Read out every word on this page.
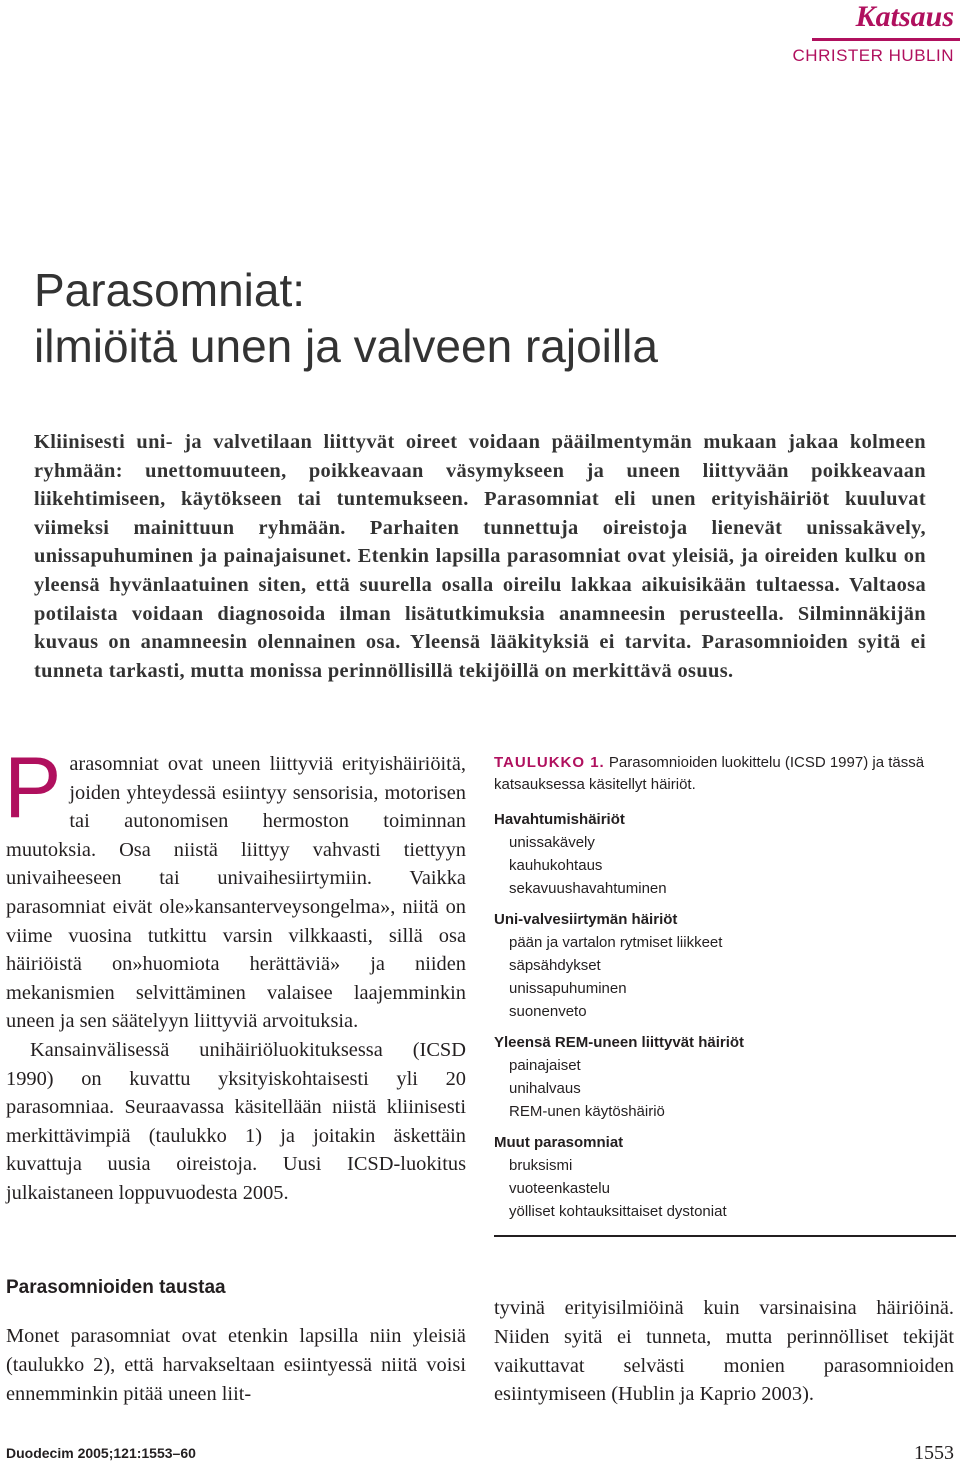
Katsaus
CHRISTER HUBLIN
Parasomniat:
ilmiöitä unen ja valveen rajoilla
Kliinisesti uni- ja valvetilaan liittyvät oireet voidaan pääilmentymän mukaan jakaa kolmeen ryhmään: unettomuuteen, poikkeavaan väsymykseen ja uneen liittyvään poikkeavaan liikehtimiseen, käytökseen tai tuntemukseen. Parasomniat eli unen erityishäiriöt kuuluvat viimeksi mainittuun ryhmään. Parhaiten tunnettuja oireistoja lienevät unissakävely, unissapuhuminen ja painajaisunet. Etenkin lapsilla parasomniat ovat yleisiä, ja oireiden kulku on yleensä hyvänlaatuinen siten, että suurella osalla oireilu lakkaa aikuisikään tultaessa. Valtaosa potilaista voidaan diagnosoida ilman lisätutkimuksia anamneesin perusteella. Silminnäkijän kuvaus on anamneesin olennainen osa. Yleensä lääkityksiä ei tarvita. Parasomnioiden syitä ei tunneta tarkasti, mutta monissa perinnöllisillä tekijöillä on merkittävä osuus.

Parasomniat ovat uneen liittyviä erityishäiriöitä, joiden yhteydessä esiintyy sensorisia, motorisen tai autonomisen hermoston toiminnan muutoksia. Osa niistä liittyy vahvasti tiettyyn univaiheeseen tai univaihesiirtymiin. Vaikka parasomniat eivät ole»kansanterveysongelma», niitä on viime vuosina tutkittu varsin vilkkaasti, sillä osa häiriöistä on»huomiota herättäviä» ja niiden mekanismien selvittäminen valaisee laajemminkin uneen ja sen säätelyyn liittyviä arvoituksia.

Kansainvälisessä unihäiriöluokituksessa (ICSD 1990) on kuvattu yksityiskohtaisesti yli 20 parasomniaa. Seuraavassa käsitellään niistä kliinisesti merkittävimpiä (taulukko 1) ja joitakin äskettäin kuvattuja uusia oireistoja. Uusi ICSD-luokitus julkaistaneen loppuvuodesta 2005.

TAULUKKO 1. Parasomnioiden luokittelu (ICSD 1997) ja tässä katsauksessa käsitellyt häiriöt.
Havahtumishäiriöt
unissakävely
kauhukohtaus
sekavuushavahtuminen
Uni-valvesiirtymän häiriöt
pään ja vartalon rytmiset liikkeet
säpsähdykset
unissapuhuminen
suonenveto
Yleensä REM-uneen liittyvät häiriöt
painajaiset
unihalvaus
REM-unen käytöshäiriö
Muut parasomniat
bruksismi
vuoteenkastelu
yölliset kohtauksittaiset dystoniat
Parasomnioiden taustaa
Monet parasomniat ovat etenkin lapsilla niin yleisiä (taulukko 2), että harvakseltaan esiintyessä niitä voisi ennemminkin pitää uneen liit-
tyvinä erityisilmiöinä kuin varsinaisina häiriöinä. Niiden syitä ei tunneta, mutta perinnölliset tekijät vaikuttavat selvästi monien parasomnioiden esiintymiseen (Hublin ja Kaprio 2003).
Duodecim 2005;121:1553–60	1553
